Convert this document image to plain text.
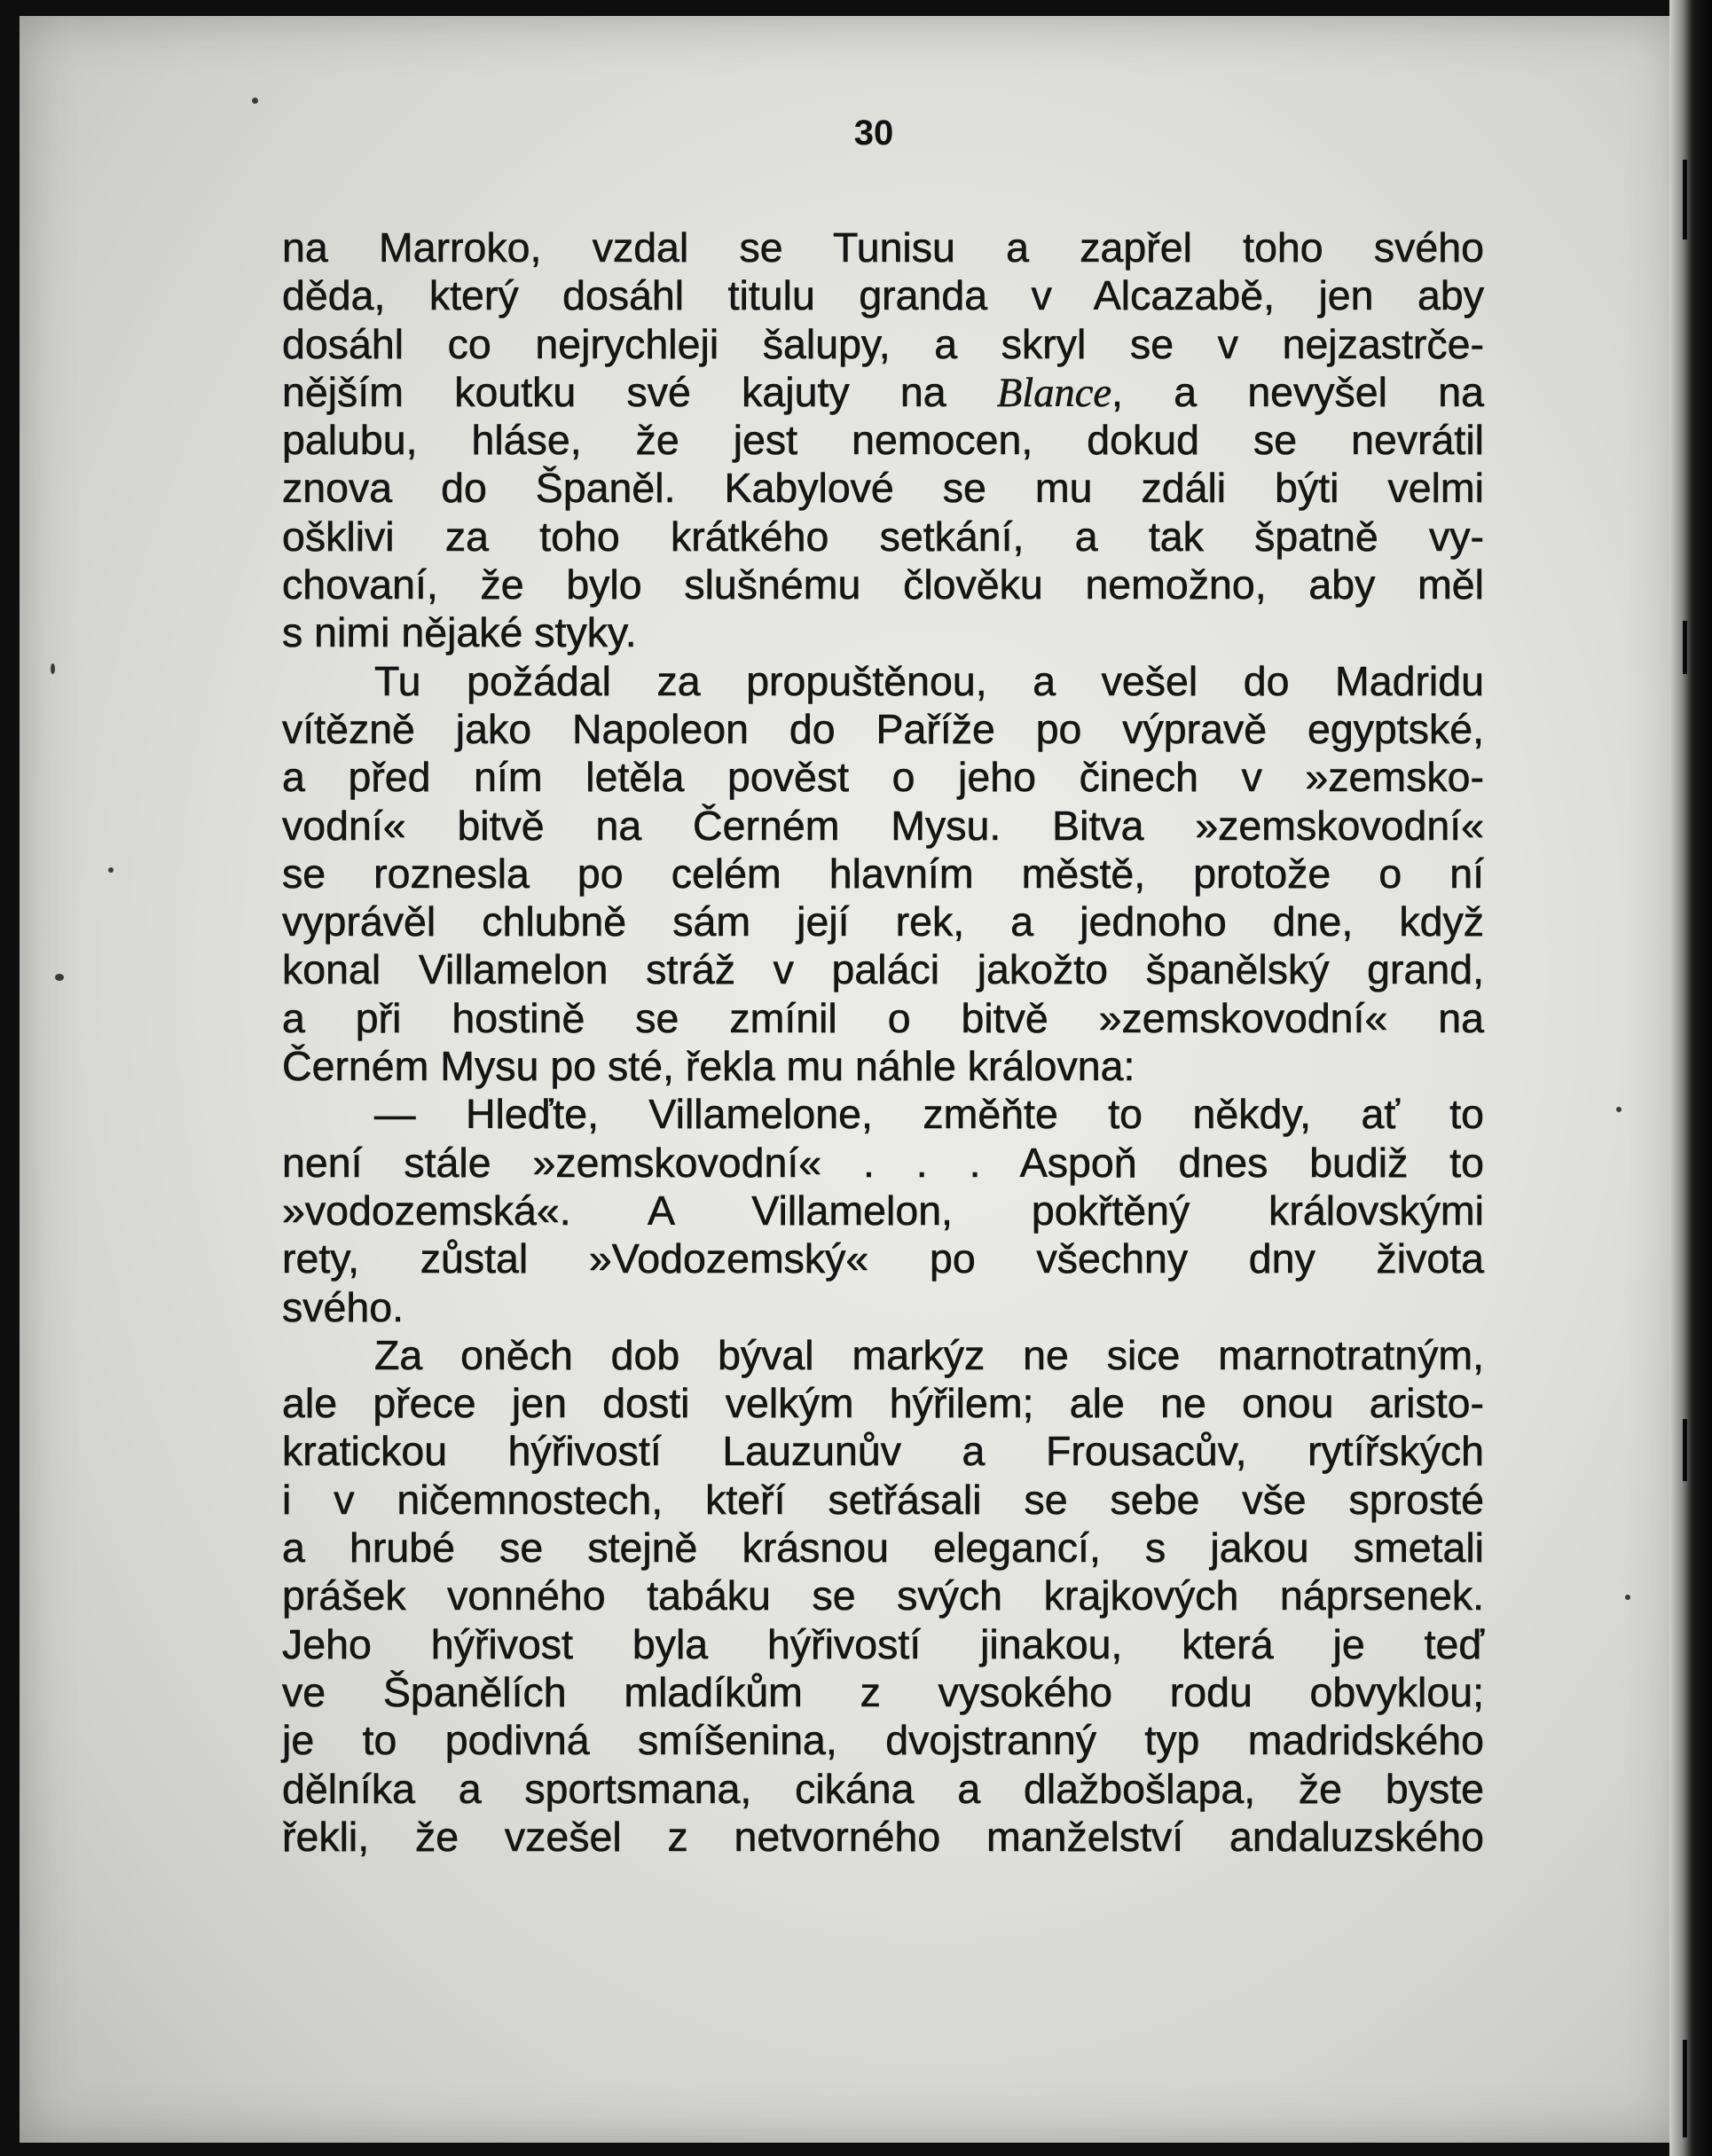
30
na Marroko, vzdal se Tunisu a zapřel toho svého
děda, který dosáhl titulu granda v Alcazabě, jen aby
dosáhl co nejrychleji šalupy, a skryl se v nejzastrče-
nějším koutku své kajuty na Blance, a nevyšel na
palubu, hláse, že jest nemocen, dokud se nevrátil
znova do Španěl. Kabylové se mu zdáli býti velmi
ošklivi za toho krátkého setkání, a tak špatně vy-
chovaní, že bylo slušnému člověku nemožno, aby měl
s nimi nějaké styky.
Tu požádal za propuštěnou, a vešel do Madridu
vítězně jako Napoleon do Paříže po výpravě egyptské,
a před ním letěla pověst o jeho činech v »zemsko-
vodní« bitvě na Černém Mysu. Bitva »zemskovodní«
se roznesla po celém hlavním městě, protože o ní
vyprávěl chlubně sám její rek, a jednoho dne, když
konal Villamelon stráž v paláci jakožto španělský grand,
a při hostině se zmínil o bitvě »zemskovodní« na
Černém Mysu po sté, řekla mu náhle královna:
— Hleďte, Villamelone, změňte to někdy, ať to
není stále »zemskovodní« . . . Aspoň dnes budiž to
»vodozemská«. A Villamelon, pokřtěný královskými
rety, zůstal »Vodozemský« po všechny dny života
svého.
Za oněch dob býval markýz ne sice marnotratným,
ale přece jen dosti velkým hýřilem; ale ne onou aristo-
kratickou hýřivostí Lauzunův a Frousacův, rytířských
i v ničemnostech, kteří setřásali se sebe vše sprosté
a hrubé se stejně krásnou elegancí, s jakou smetali
prášek vonného tabáku se svých krajkových náprsenek.
Jeho hýřivost byla hýřivostí jinakou, která je teď
ve Španělích mladíkům z vysokého rodu obvyklou;
je to podivná smíšenina, dvojstranný typ madridského
dělníka a sportsmana, cikána a dlažbošlapa, že byste
řekli, že vzešel z netvorného manželství andaluzského
